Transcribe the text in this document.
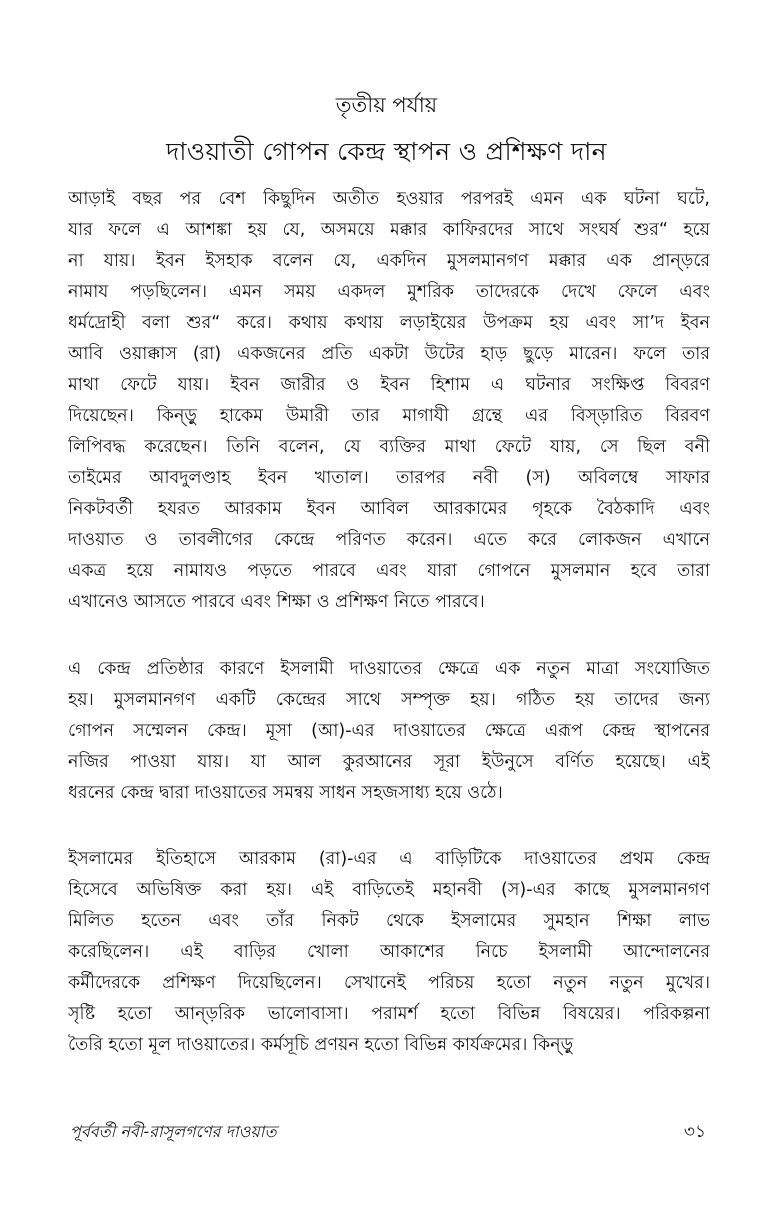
তৃতীয় পর্যায়
দাওয়াতী গোপন কেন্দ্র স্থাপন ও প্রশিক্ষণ দান
আড়াই বছর পর বেশ কিছুদিন অতীত হওয়ার পরপরই এমন এক ঘটনা ঘটে,
যার ফলে এ আশঙ্কা হয় যে, অসময়ে মক্কার কাফিরদের সাথে সংঘর্ষ শুর“ হয়ে
না যায়। ইবন ইসহাক বলেন যে, একদিন মুসলমানগণ মক্কার এক প্রান্ড়রে
নামায পড়ছিলেন। এমন সময় একদল মুশরিক তাদেরকে দেখে ফেলে এবং
ধর্মদ্রোহী বলা শুর“ করে। কথায় কথায় লড়াইয়ের উপক্রম হয় এবং সা’দ ইবন
আবি ওয়াক্কাস (রা) একজনের প্রতি একটা উটের হাড় ছুড়ে মারেন। ফলে তার
মাথা ফেটে যায়। ইবন জারীর ও ইবন হিশাম এ ঘটনার সংক্ষিপ্ত বিবরণ
দিয়েছেন। কিন্ড়ু হাকেম উমারী তার মাগাযী গ্রন্থে এর বিস্ড়ারিত বিরবণ
লিপিবদ্ধ করেছেন। তিনি বলেন, যে ব্যক্তির মাথা ফেটে যায়, সে ছিল বনী
তাইমের আবদুলণ্ডাহ ইবন খাতাল। তারপর নবী (স) অবিলম্বে সাফার
নিকটবর্তী হযরত আরকাম ইবন আবিল আরকামের গৃহকে বৈঠকাদি এবং
দাওয়াত ও তাবলীগের কেন্দ্রে পরিণত করেন। এতে করে লোকজন এখানে
একত্র হয়ে নামাযও পড়তে পারবে এবং যারা গোপনে মুসলমান হবে তারা
এখানেও আসতে পারবে এবং শিক্ষা ও প্রশিক্ষণ নিতে পারবে।
এ কেন্দ্র প্রতিষ্ঠার কারণে ইসলামী দাওয়াতের ক্ষেত্রে এক নতুন মাত্রা সংযোজিত
হয়। মুসলমানগণ একটি কেন্দ্রের সাথে সম্পৃক্ত হয়। গঠিত হয় তাদের জন্য
গোপন সম্মেলন কেন্দ্র। মূসা (আ)-এর দাওয়াতের ক্ষেত্রে এরূপ কেন্দ্র স্থাপনের
নজির পাওয়া যায়। যা আল কুরআনের সূরা ইউনুসে বর্ণিত হয়েছে। এই
ধরনের কেন্দ্র দ্বারা দাওয়াতের সমন্বয় সাধন সহজসাধ্য হয়ে ওঠে।
ইসলামের ইতিহাসে আরকাম (রা)-এর এ বাড়িটিকে দাওয়াতের প্রথম কেন্দ্র
হিসেবে অভিষিক্ত করা হয়। এই বাড়িতেই মহানবী (স)-এর কাছে মুসলমানগণ
মিলিত হতেন এবং তাঁর নিকট থেকে ইসলামের সুমহান শিক্ষা লাভ
করেছিলেন। এই বাড়ির খোলা আকাশের নিচে ইসলামী আন্দোলনের
কর্মীদেরকে প্রশিক্ষণ দিয়েছিলেন। সেখানেই পরিচয় হতো নতুন নতুন মুখের।
সৃষ্টি হতো আন্ড়রিক ভালোবাসা। পরামর্শ হতো বিভিন্ন বিষয়ের। পরিকল্পনা
তৈরি হতো মূল দাওয়াতের। কর্মসূচি প্রণয়ন হতো বিভিন্ন কার্যক্রমের। কিন্ড়ু
পূর্ববর্তী নবী-রাসূলগণের দাওয়াত	৩১
